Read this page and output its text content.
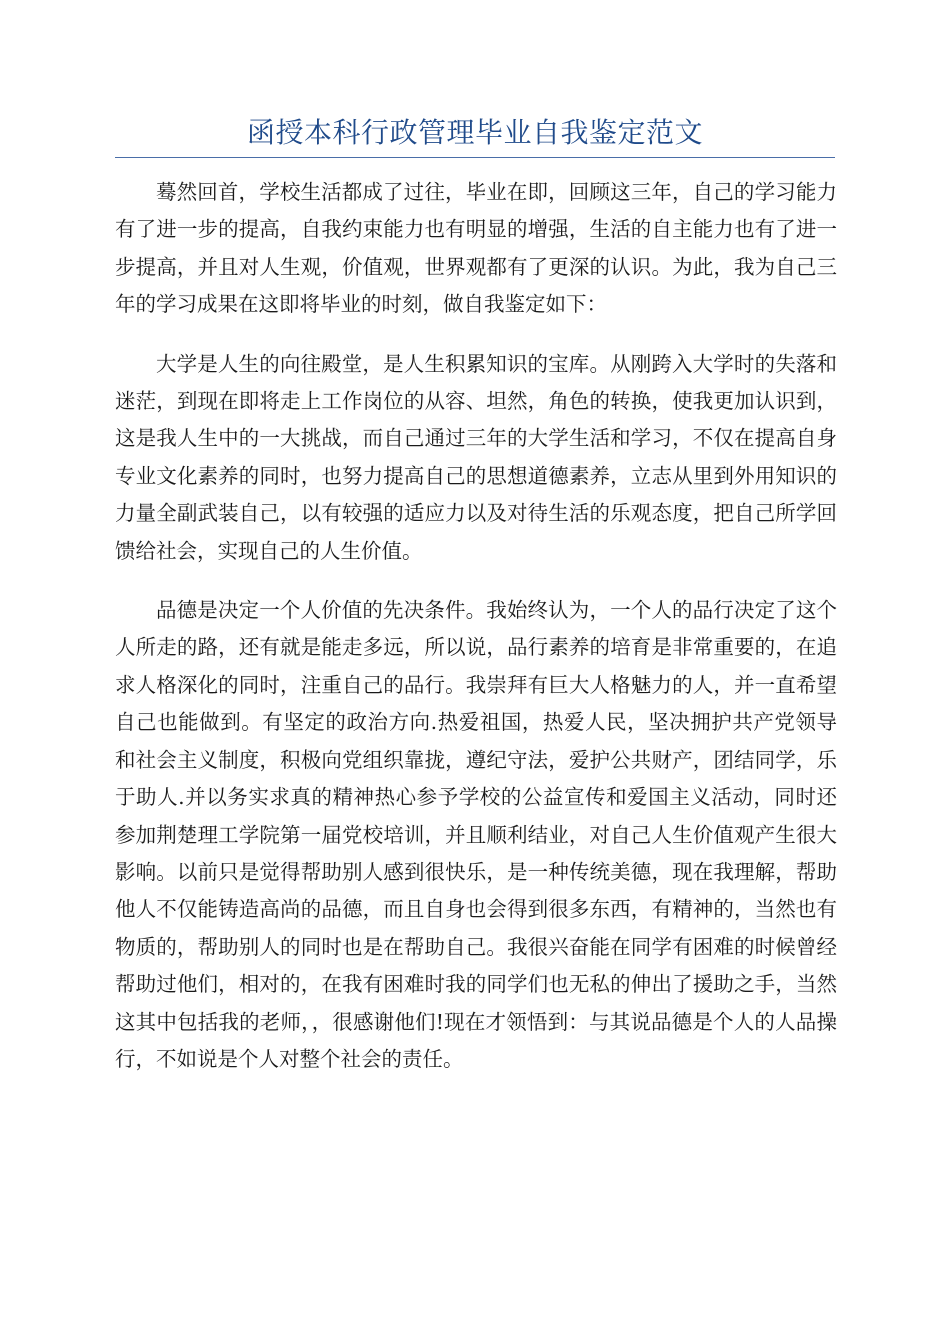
函授本科行政管理毕业自我鉴定范文

蓦然回首，学校生活都成了过往，毕业在即，回顾这三年，自己的学习能力有了进一步的提高，自我约束能力也有明显的增强，生活的自主能力也有了进一步提高，并且对人生观，价值观，世界观都有了更深的认识。为此，我为自己三年的学习成果在这即将毕业的时刻，做自我鉴定如下：

大学是人生的向往殿堂，是人生积累知识的宝库。从刚跨入大学时的失落和迷茫，到现在即将走上工作岗位的从容、坦然，角色的转换，使我更加认识到，这是我人生中的一大挑战，而自己通过三年的大学生活和学习，不仅在提高自身专业文化素养的同时，也努力提高自己的思想道德素养，立志从里到外用知识的力量全副武装自己，以有较强的适应力以及对待生活的乐观态度，把自己所学回馈给社会，实现自己的人生价值。

品德是决定一个人价值的先决条件。我始终认为，一个人的品行决定了这个人所走的路，还有就是能走多远，所以说，品行素养的培育是非常重要的，在追求人格深化的同时，注重自己的品行。我崇拜有巨大人格魅力的人，并一直希望自己也能做到。有坚定的政治方向.热爱祖国，热爱人民，坚决拥护共产党领导和社会主义制度，积极向党组织靠拢，遵纪守法，爱护公共财产，团结同学，乐于助人.并以务实求真的精神热心参予学校的公益宣传和爱国主义活动，同时还参加荆楚理工学院第一届党校培训，并且顺利结业，对自己人生价值观产生很大影响。以前只是觉得帮助别人感到很快乐，是一种传统美德，现在我理解，帮助他人不仅能铸造高尚的品德，而且自身也会得到很多东西，有精神的，当然也有物质的，帮助别人的同时也是在帮助自己。我很兴奋能在同学有困难的时候曾经帮助过他们，相对的，在我有困难时我的同学们也无私的伸出了援助之手，当然这其中包括我的老师，，很感谢他们!现在才领悟到：与其说品德是个人的人品操行，不如说是个人对整个社会的责任。
